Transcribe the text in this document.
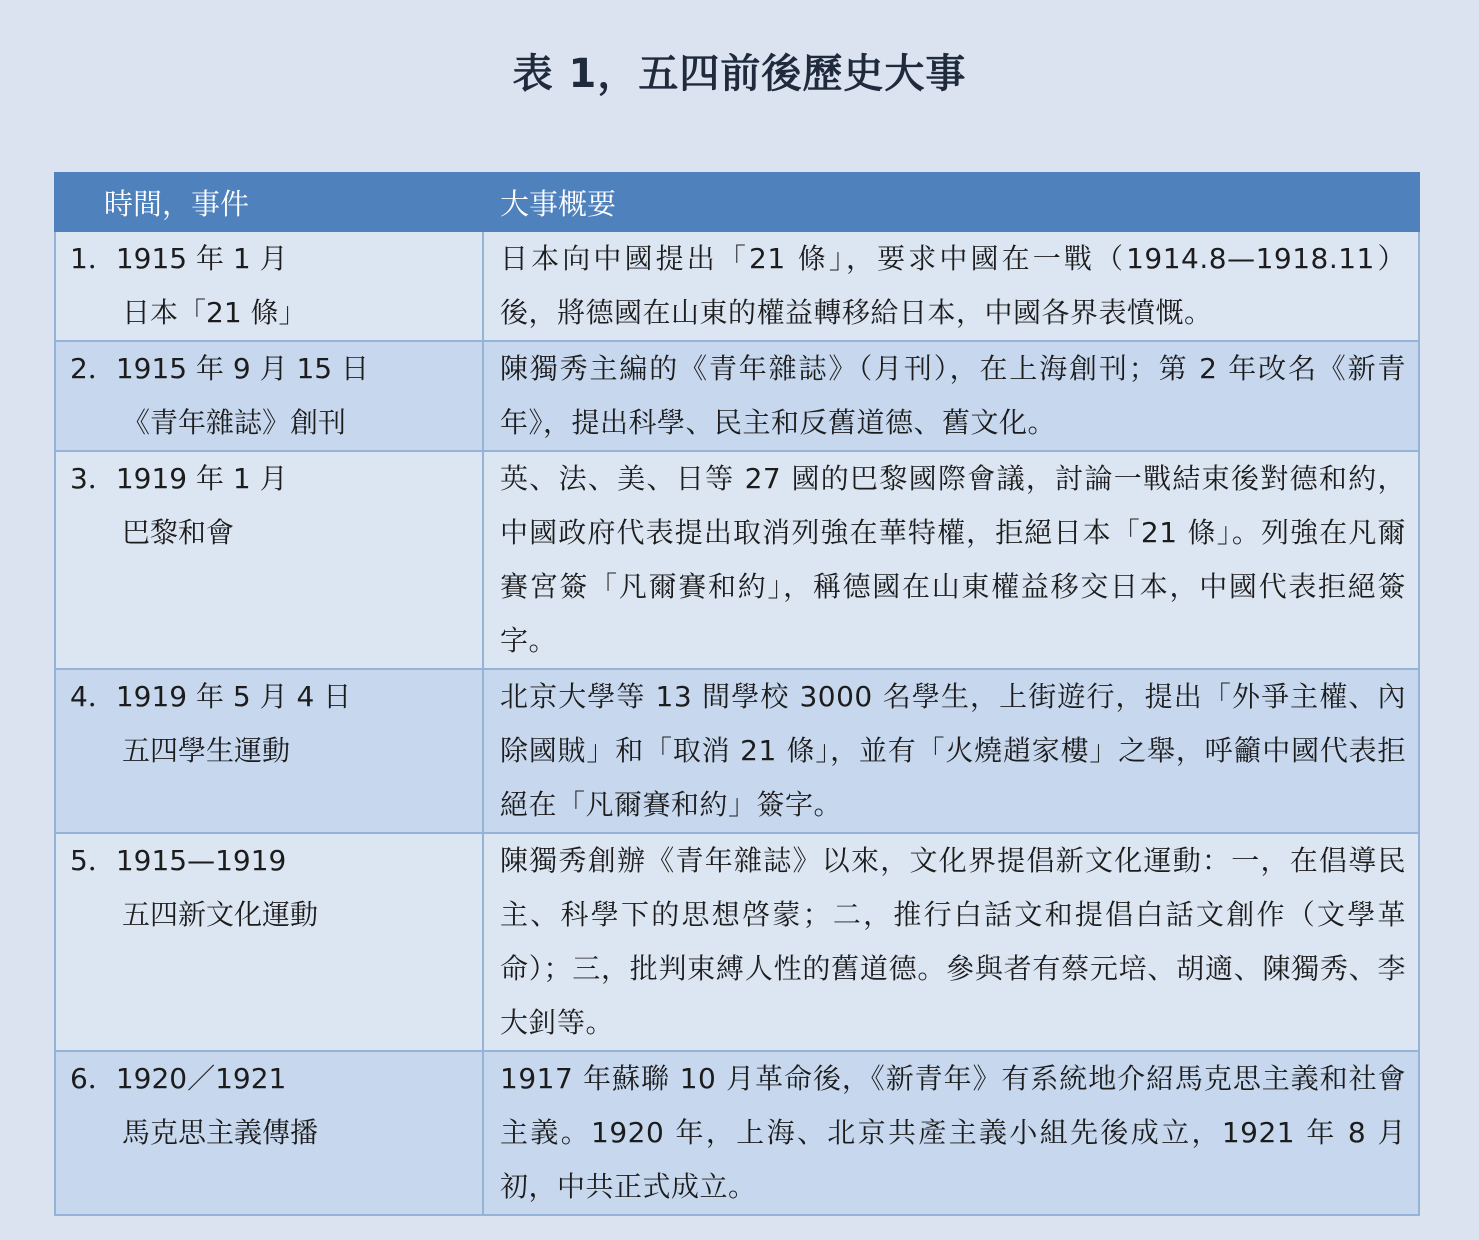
表 1，五四前後歷史大事
時間，事件	大事概要

1．1915 年 1 月
日本「21 條」	日本向中國提出「21 條」，要求中國在一戰（1914.8—1918.11）後，將德國在山東的權益轉移給日本，中國各界表憤慨。

2．1915 年 9 月 15 日
《青年雜誌》創刊	陳獨秀主編的《青年雜誌》（月刊），在上海創刊；第 2 年改名《新青年》，提出科學、民主和反舊道德、舊文化。

3．1919 年 1 月
巴黎和會	英、法、美、日等 27 國的巴黎國際會議，討論一戰結束後對德和約，中國政府代表提出取消列強在華特權，拒絕日本「21 條」。列強在凡爾賽宮簽「凡爾賽和約」，稱德國在山東權益移交日本，中國代表拒絕簽字。

4．1919 年 5 月 4 日
五四學生運動	北京大學等 13 間學校 3000 名學生，上街遊行，提出「外爭主權、內除國賊」和「取消 21 條」，並有「火燒趙家樓」之舉，呼籲中國代表拒絕在「凡爾賽和約」簽字。

5．1915—1919
五四新文化運動	陳獨秀創辦《青年雜誌》以來，文化界提倡新文化運動：一，在倡導民主、科學下的思想啓蒙；二，推行白話文和提倡白話文創作（文學革命）；三，批判束縛人性的舊道德。參與者有蔡元培、胡適、陳獨秀、李大釗等。

6．1920／1921
馬克思主義傳播	1917 年蘇聯 10 月革命後，《新青年》有系統地介紹馬克思主義和社會主義。1920 年，上海、北京共產主義小組先後成立，1921 年 8 月初，中共正式成立。
